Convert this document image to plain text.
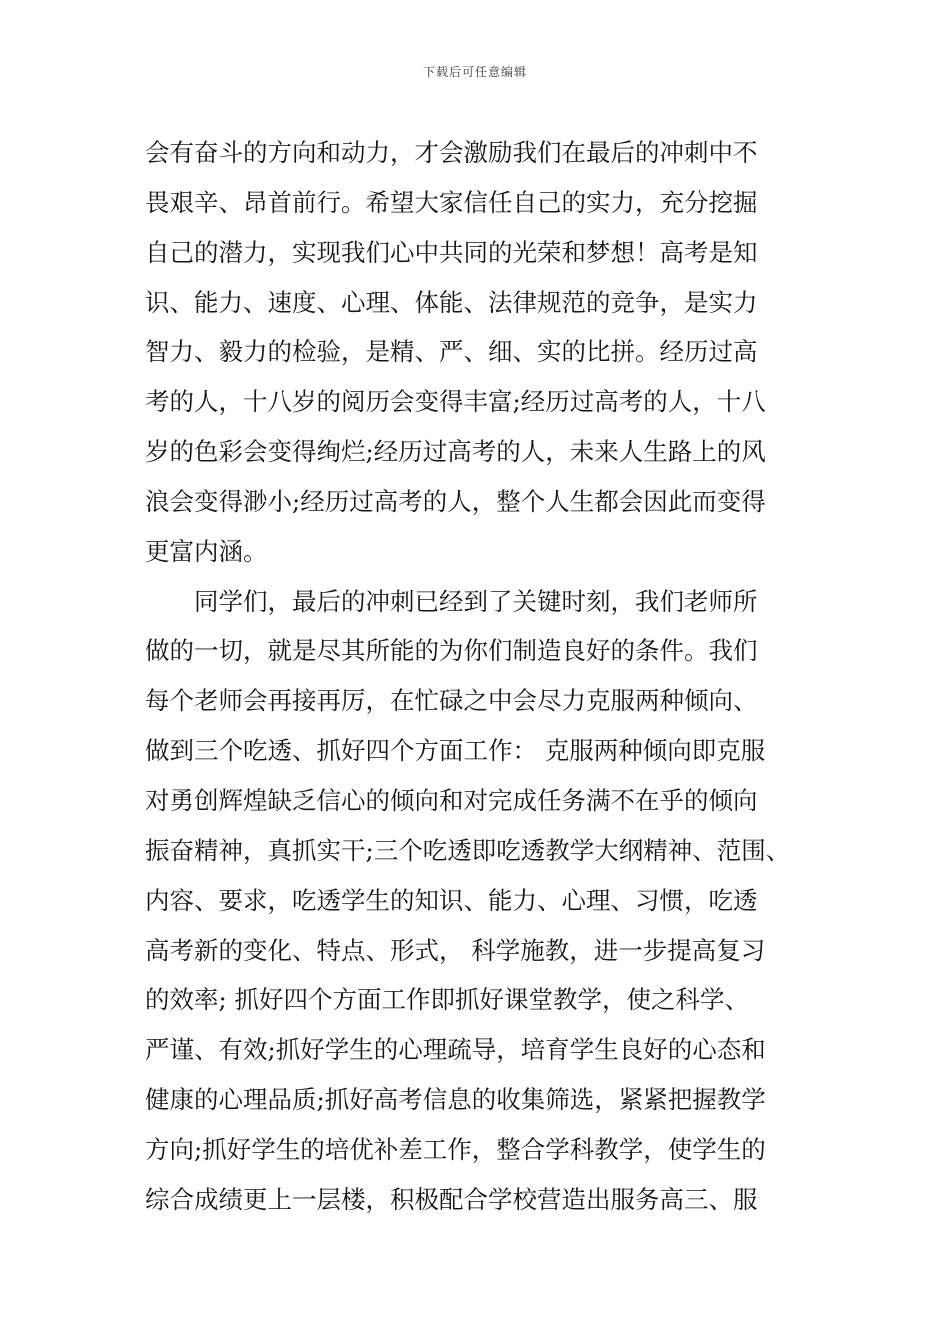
下载后可任意编辑
会有奋斗的方向和动力，才会激励我们在最后的冲刺中不
畏艰辛、昂首前行。希望大家信任自己的实力，充分挖掘
自己的潜力，实现我们心中共同的光荣和梦想！高考是知
识、能力、速度、心理、体能、法律规范的竞争，是实力
智力、毅力的检验，是精、严、细、实的比拼。经历过高
考的人，十八岁的阅历会变得丰富;经历过高考的人，十八
岁的色彩会变得绚烂;经历过高考的人，未来人生路上的风
浪会变得渺小;经历过高考的人，整个人生都会因此而变得
更富内涵。
　　同学们，最后的冲刺已经到了关键时刻，我们老师所
做的一切，就是尽其所能的为你们制造良好的条件。我们
每个老师会再接再厉，在忙碌之中会尽力克服两种倾向、
做到三个吃透、抓好四个方面工作： 克服两种倾向即克服
对勇创辉煌缺乏信心的倾向和对完成任务满不在乎的倾向
振奋精神，真抓实干;三个吃透即吃透教学大纲精神、范围、
内容、要求，吃透学生的知识、能力、心理、习惯，吃透
高考新的变化、特点、形式， 科学施教，进一步提高复习
的效率; 抓好四个方面工作即抓好课堂教学，使之科学、
严谨、有效;抓好学生的心理疏导，培育学生良好的心态和
健康的心理品质;抓好高考信息的收集筛选，紧紧把握教学
方向;抓好学生的培优补差工作，整合学科教学，使学生的
综合成绩更上一层楼，积极配合学校营造出服务高三、服
